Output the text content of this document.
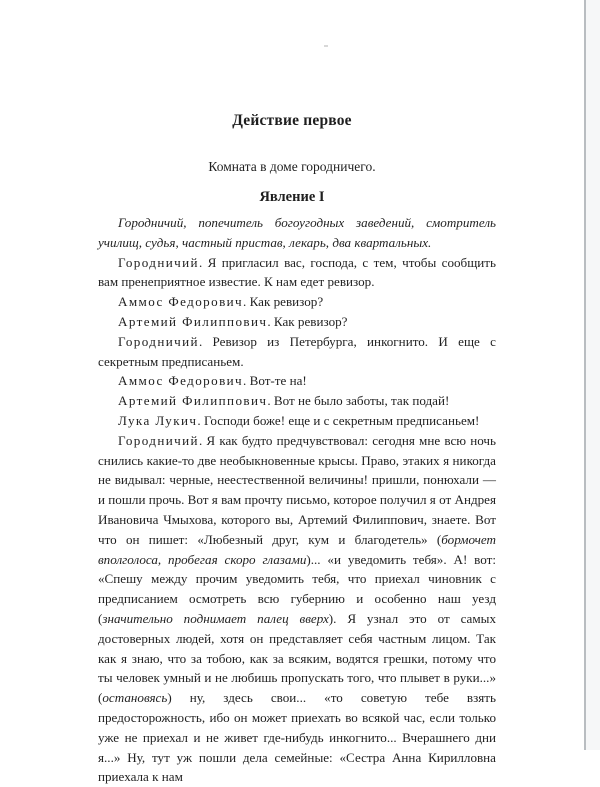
Действие первое
Комната в доме городничего.
Явление I

Городничий, попечитель богоугодных заведений, смотритель училищ, судья, частный пристав, лекарь, два квартальных.

Городничий. Я пригласил вас, господа, с тем, чтобы сообщить вам пренеприятное известие. К нам едет ревизор.

Аммос Федорович. Как ревизор?

Артемий Филиппович. Как ревизор?

Городничий. Ревизор из Петербурга, инкогнито. И еще с секретным предписаньем.

Аммос Федорович. Вот-те на!

Артемий Филиппович. Вот не было заботы, так подай!

Лука Лукич. Господи боже! еще и с секретным предписаньем!

Городничий. Я как будто предчувствовал: сегодня мне всю ночь снились какие-то две необыкновенные крысы. Право, этаких я никогда не видывал: черные, неестественной величины! пришли, понюхали — и пошли прочь. Вот я вам прочту письмо, которое получил я от Андрея Ивановича Чмыхова, которого вы, Артемий Филиппович, знаете. Вот что он пишет: «Любезный друг, кум и благодетель» (бормочет вполголоса, пробегая скоро глазами)... «и уведомить тебя». А! вот: «Спешу между прочим уведомить тебя, что приехал чиновник с предписанием осмотреть всю губернию и особенно наш уезд (значительно поднимает палец вверх). Я узнал это от самых достоверных людей, хотя он представляет себя частным лицом. Так как я знаю, что за тобою, как за всяким, водятся грешки, потому что ты человек умный и не любишь пропускать того, что плывет в руки...» (остановясь) ну, здесь свои... «то советую тебе взять предосторожность, ибо он может приехать во всякой час, если только уже не приехал и не живет где-нибудь инкогнито... Вчерашнего дни я...» Ну, тут уж пошли дела семейные: «Сестра Анна Кирилловна приехала к нам
